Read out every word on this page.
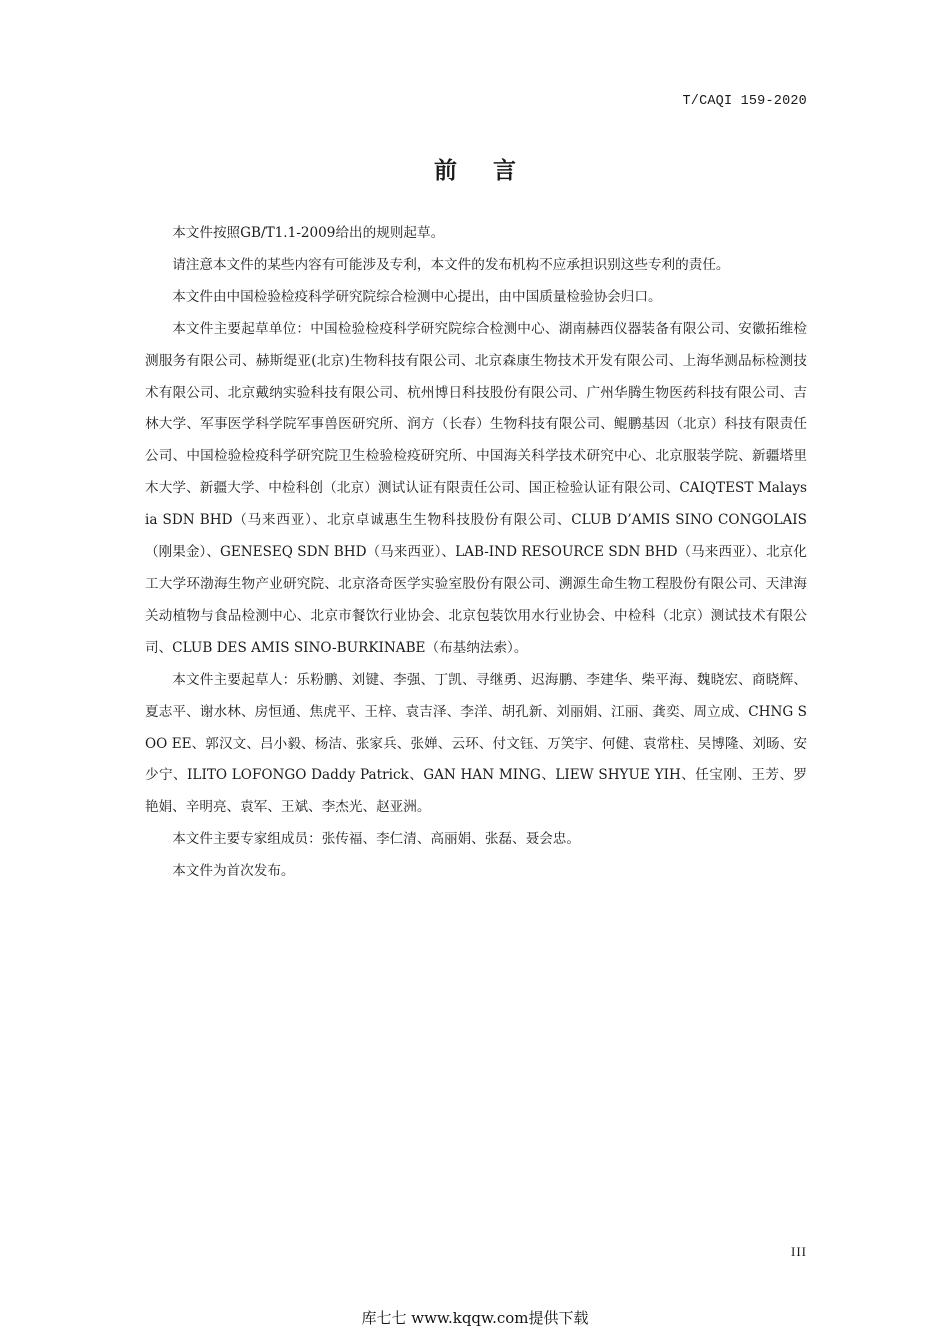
T/CAQI 159-2020
前言

本文件按照GB/T1.1-2009给出的规则起草。

请注意本文件的某些内容有可能涉及专利，本文件的发布机构不应承担识别这些专利的责任。

本文件由中国检验检疫科学研究院综合检测中心提出，由中国质量检验协会归口。

本文件主要起草单位：中国检验检疫科学研究院综合检测中心、湖南赫西仪器装备有限公司、安徽拓维检测服务有限公司、赫斯缇亚(北京)生物科技有限公司、北京森康生物技术开发有限公司、上海华测品标检测技术有限公司、北京戴纳实验科技有限公司、杭州博日科技股份有限公司、广州华腾生物医药科技有限公司、吉林大学、军事医学科学院军事兽医研究所、润方（长春）生物科技有限公司、鲲鹏基因（北京）科技有限责任公司、中国检验检疫科学研究院卫生检验检疫研究所、中国海关科学技术研究中心、北京服装学院、新疆塔里木大学、新疆大学、中检科创（北京）测试认证有限责任公司、国正检验认证有限公司、CAIQTEST Malaysia SDN BHD（马来西亚）、北京卓诚惠生生物科技股份有限公司、CLUB D’AMIS SINO CONGOLAIS（刚果金）、GENESEQ SDN BHD（马来西亚）、LAB-IND RESOURCE SDN BHD（马来西亚）、北京化工大学环渤海生物产业研究院、北京洛奇医学实验室股份有限公司、溯源生命生物工程股份有限公司、天津海关动植物与食品检测中心、北京市餐饮行业协会、北京包装饮用水行业协会、中检科（北京）测试技术有限公司、CLUB DES AMIS SINO-BURKINABE（布基纳法索）。

本文件主要起草人：乐粉鹏、刘键、李强、丁凯、寻继勇、迟海鹏、李建华、柴平海、魏晓宏、商晓辉、夏志平、谢水林、房恒通、焦虎平、王梓、袁吉泽、李洋、胡孔新、刘丽娟、江丽、龚奕、周立成、CHNG SOO EE、郭汉文、吕小毅、杨洁、张家兵、张婵、云环、付文钰、万笑宇、何健、袁常柱、吴博隆、刘旸、安少宁、ILITO LOFONGO Daddy Patrick、GAN HAN MING、LIEW SHYUE YIH、任宝刚、王芳、罗艳娟、辛明亮、袁军、王斌、李杰光、赵亚洲。

本文件主要专家组成员：张传福、李仁清、高丽娟、张磊、聂会忠。

本文件为首次发布。

III
库七七 www.kqqw.com提供下载
